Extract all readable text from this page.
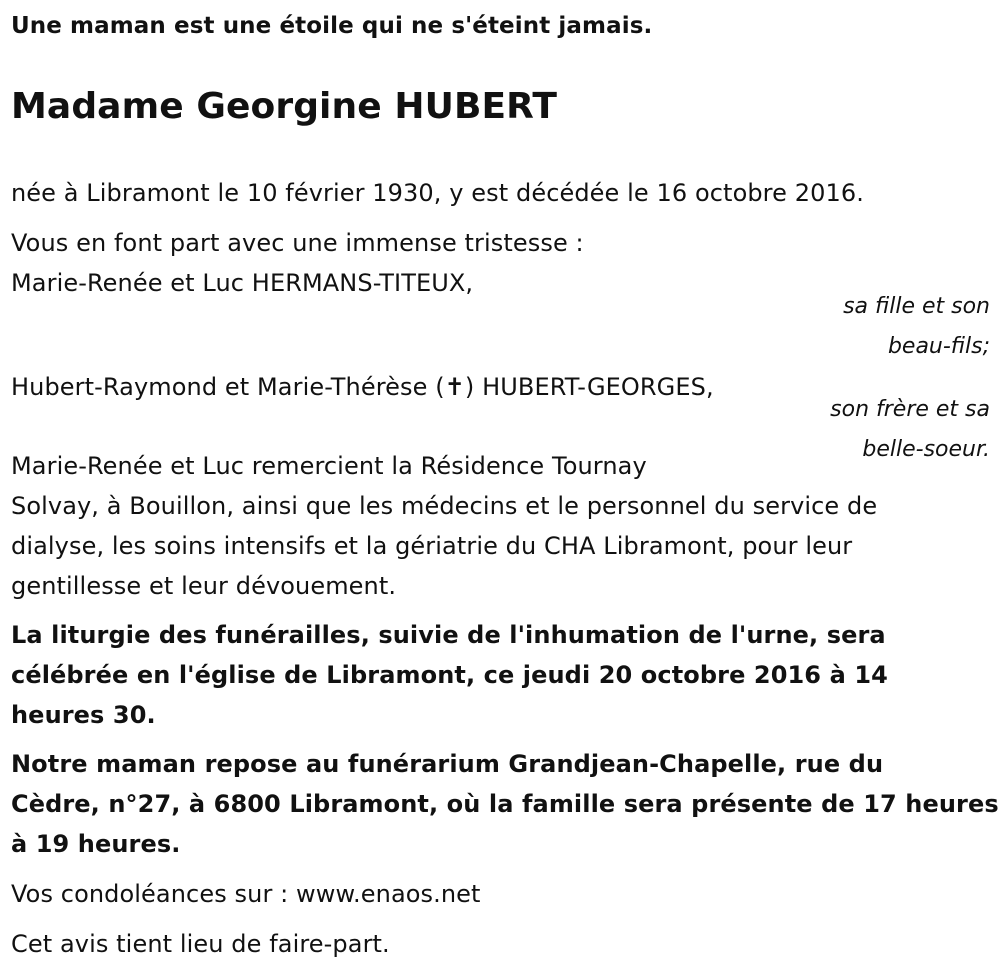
Une maman est une étoile qui ne s'éteint jamais.
Madame Georgine HUBERT
née à Libramont le 10 février 1930, y est décédée le 16 octobre 2016.
Vous en font part avec une immense tristesse :
Marie-Renée et Luc HERMANS-TITEUX,
sa fille et son
beau-fils;
Hubert-Raymond et Marie-Thérèse (✝) HUBERT-GEORGES,
son frère et sa
belle-soeur.
Marie-Renée et Luc remercient la Résidence Tournay
Solvay, à Bouillon, ainsi que les médecins et le personnel du service de
dialyse, les soins intensifs et la gériatrie du CHA Libramont, pour leur
gentillesse et leur dévouement.
La liturgie des funérailles, suivie de l'inhumation de l'urne, sera
célébrée en l'église de Libramont, ce jeudi 20 octobre 2016 à 14
heures 30.
Notre maman repose au funérarium Grandjean-Chapelle, rue du
Cèdre, n°27, à 6800 Libramont, où la famille sera présente de 17 heures
à 19 heures.
Vos condoléances sur : www.enaos.net
Cet avis tient lieu de faire-part.
